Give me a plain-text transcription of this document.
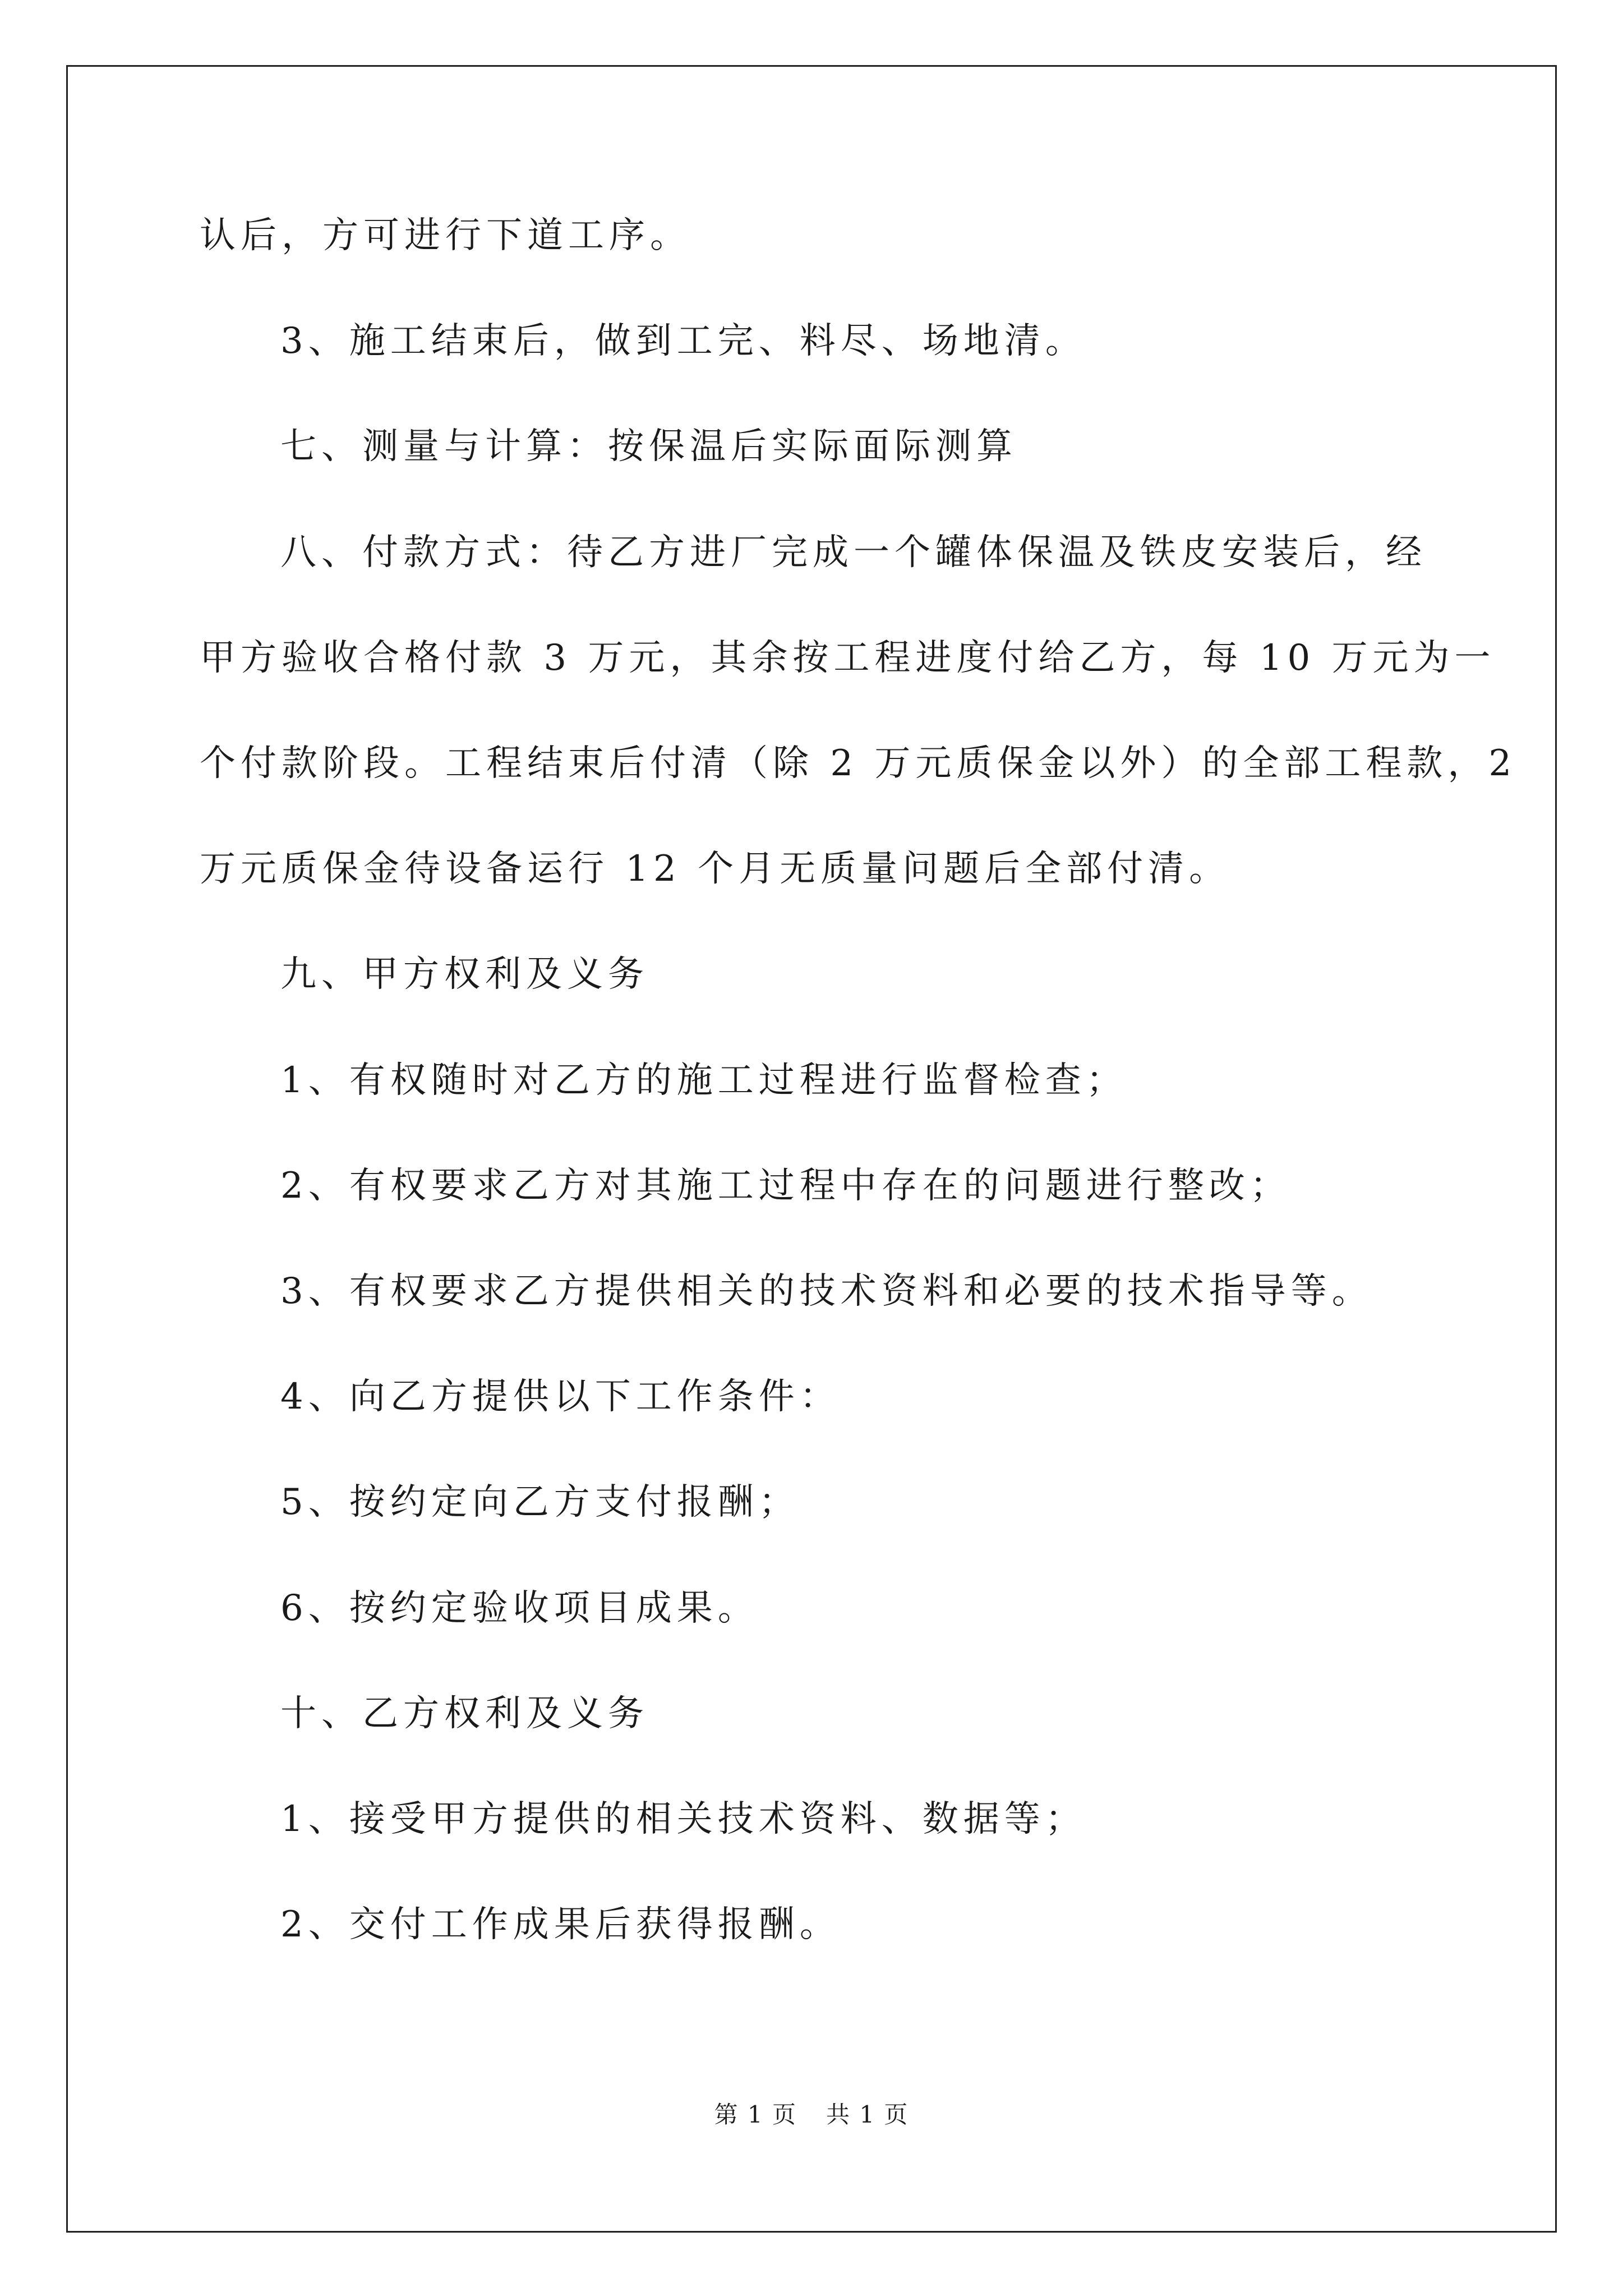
认后，方可进行下道工序。
3、施工结束后，做到工完、料尽、场地清。
七、测量与计算：按保温后实际面际测算
八、付款方式：待乙方进厂完成一个罐体保温及铁皮安装后，经
甲方验收合格付款 3 万元，其余按工程进度付给乙方，每 10 万元为一
个付款阶段。工程结束后付清（除 2 万元质保金以外）的全部工程款，2
万元质保金待设备运行 12 个月无质量问题后全部付清。
九、甲方权利及义务
1、有权随时对乙方的施工过程进行监督检查；
2、有权要求乙方对其施工过程中存在的问题进行整改；
3、有权要求乙方提供相关的技术资料和必要的技术指导等。
4、向乙方提供以下工作条件：
5、按约定向乙方支付报酬；
6、按约定验收项目成果。
十、乙方权利及义务
1、接受甲方提供的相关技术资料、数据等；
2、交付工作成果后获得报酬。
第 1 页 共 1 页
